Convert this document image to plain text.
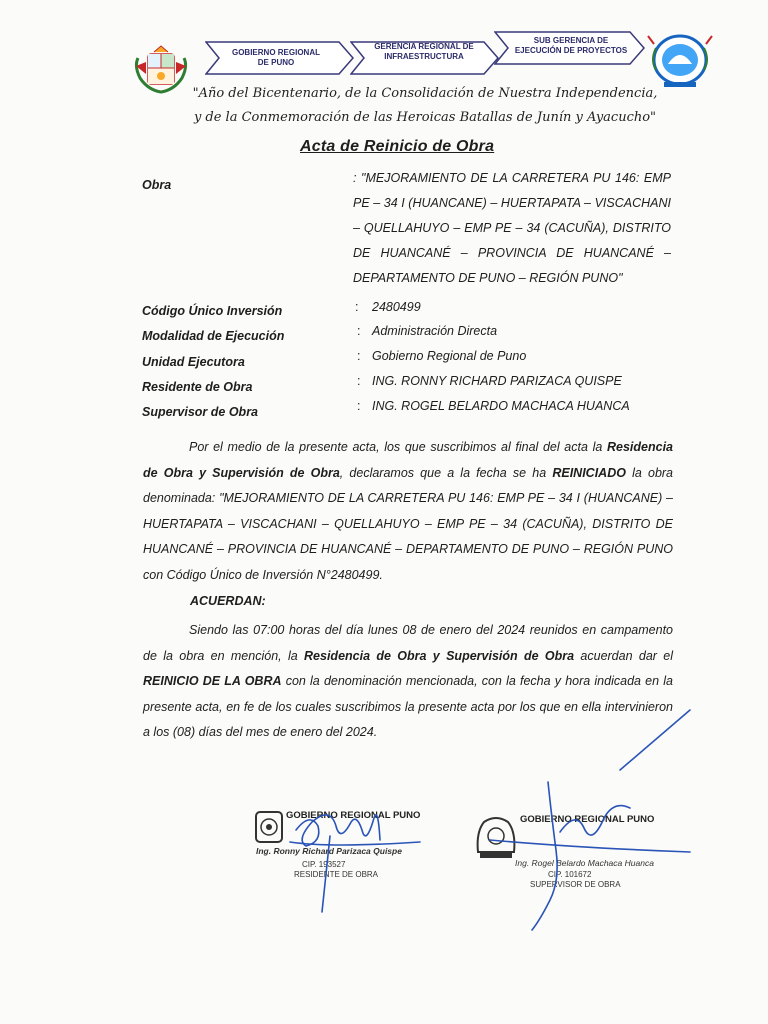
GOBIERNO REGIONAL DE PUNO
GERENCIA REGIONAL DE INFRAESTRUCTURA
SUB GERENCIA DE EJECUCIÓN DE PROYECTOS
"Año del Bicentenario, de la Consolidación de Nuestra Independencia, y de la Conmemoración de las Heroicas Batallas de Junín y Ayacucho"
Acta de Reinicio de Obra
Obra	: "MEJORAMIENTO DE LA CARRETERA PU 146: EMP PE – 34 I (HUANCANE) – HUERTAPATA – VISCACHANI – QUELLAHUYO – EMP PE – 34 (CACUÑA), DISTRITO DE HUANCANÉ – PROVINCIA DE HUANCANÉ – DEPARTAMENTO DE PUNO – REGIÓN PUNO"
Código Único Inversión	: 2480499
Modalidad de Ejecución	: Administración Directa
Unidad Ejecutora	: Gobierno Regional de Puno
Residente de Obra	: ING. RONNY RICHARD PARIZACA QUISPE
Supervisor de Obra	: ING. ROGEL BELARDO MACHACA HUANCA
Por el medio de la presente acta, los que suscribimos al final del acta la Residencia de Obra y Supervisión de Obra, declaramos que a la fecha se ha REINICIADO la obra denominada: "MEJORAMIENTO DE LA CARRETERA PU 146: EMP PE – 34 I (HUANCANE) – HUERTAPATA – VISCACHANI – QUELLAHUYO – EMP PE – 34 (CACUÑA), DISTRITO DE HUANCANÉ – PROVINCIA DE HUANCANÉ – DEPARTAMENTO DE PUNO – REGIÓN PUNO con Código Único de Inversión N°2480499.
ACUERDAN:
Siendo las 07:00 horas del día lunes 08 de enero del 2024 reunidos en campamento de la obra en mención, la Residencia de Obra y Supervisión de Obra acuerdan dar el REINICIO DE LA OBRA con la denominación mencionada, con la fecha y hora indicada en la presente acta, en fe de los cuales suscribimos la presente acta por los que en ella intervinieron a los (08) días del mes de enero del 2024.
GOBIERNO REGIONAL PUNO
Ing. Ronny Richard Parizaca Quispe
CIP. 193527
RESIDENTE DE OBRA
GOBIERNO REGIONAL PUNO
Ing. Rogel Belardo Machaca Huanca
CIP. 101672
SUPERVISOR DE OBRA
